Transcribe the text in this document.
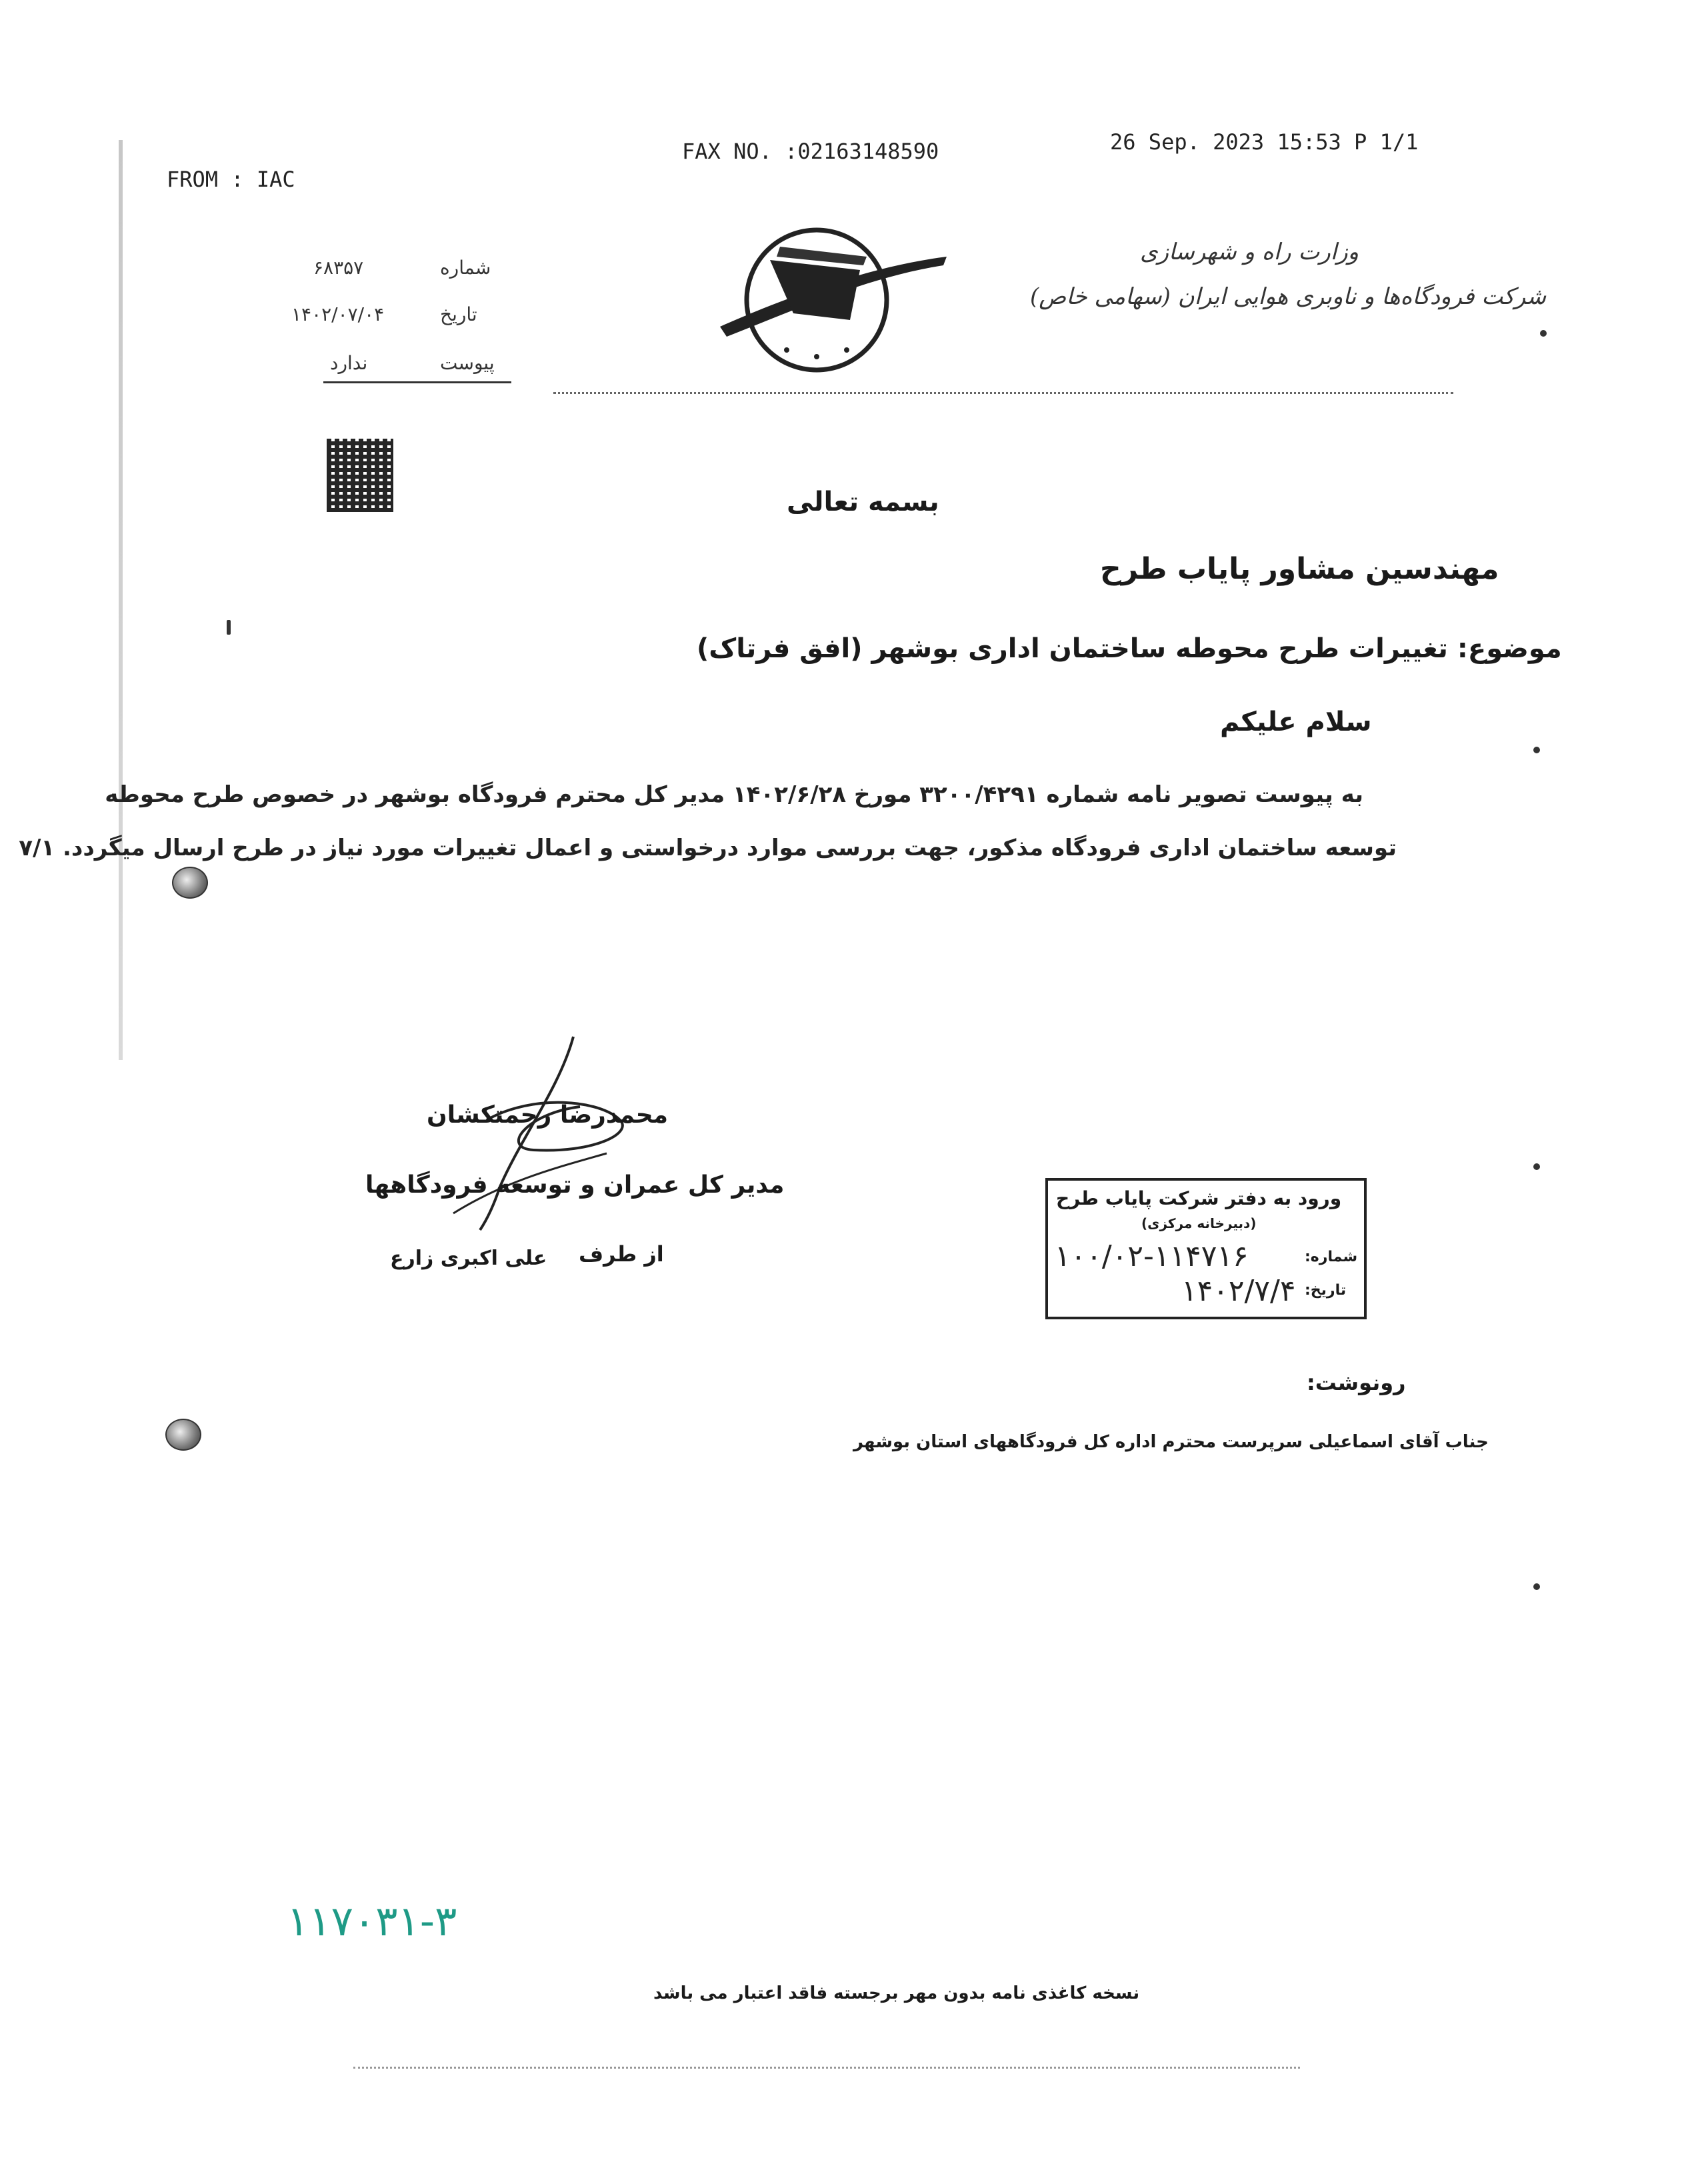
FROM : IAC
FAX NO. :02163148590	26 Sep. 2023 15:53 P 1/1
شماره
۶۸۳۵۷
تاریخ
۱۴۰۲/۰۷/۰۴
پیوست
ندارد
وزارت راه و شهرسازی
شرکت فرودگاه‌ها و ناوبری هوایی ایران (سهامی خاص)
بسمه تعالی
مهندسین مشاور پایاب طرح
موضوع: تغییرات طرح محوطه ساختمان اداری بوشهر (افق فرتاک)
سلام علیکم
به پیوست تصویر نامه شماره ۳۲۰۰/۴۲۹۱ مورخ ۱۴۰۲/۶/۲۸ مدیر کل محترم فرودگاه بوشهر در خصوص طرح محوطه
توسعه ساختمان اداری فرودگاه مذکور، جهت بررسی موارد درخواستی و اعمال تغییرات مورد نیاز در طرح ارسال میگردد. ۷/۱
محمدرضا رحمتکشان
مدیر کل عمران و توسعه فرودگاهها
از طرف
علی اکبری زارع
ورود به دفتر شرکت پایاب طرح
(دبیرخانه مرکزی)
شماره:
۱۰۰/۰۲-۱۱۴۷۱۶
تاریخ:
۱۴۰۲/۷/۴
رونوشت:
جناب آقای اسماعیلی سرپرست محترم اداره کل فرودگاههای استان بوشهر
۱۱۷۰۳۱-۳
نسخه کاغذی نامه بدون مهر برجسته فاقد اعتبار می باشد
